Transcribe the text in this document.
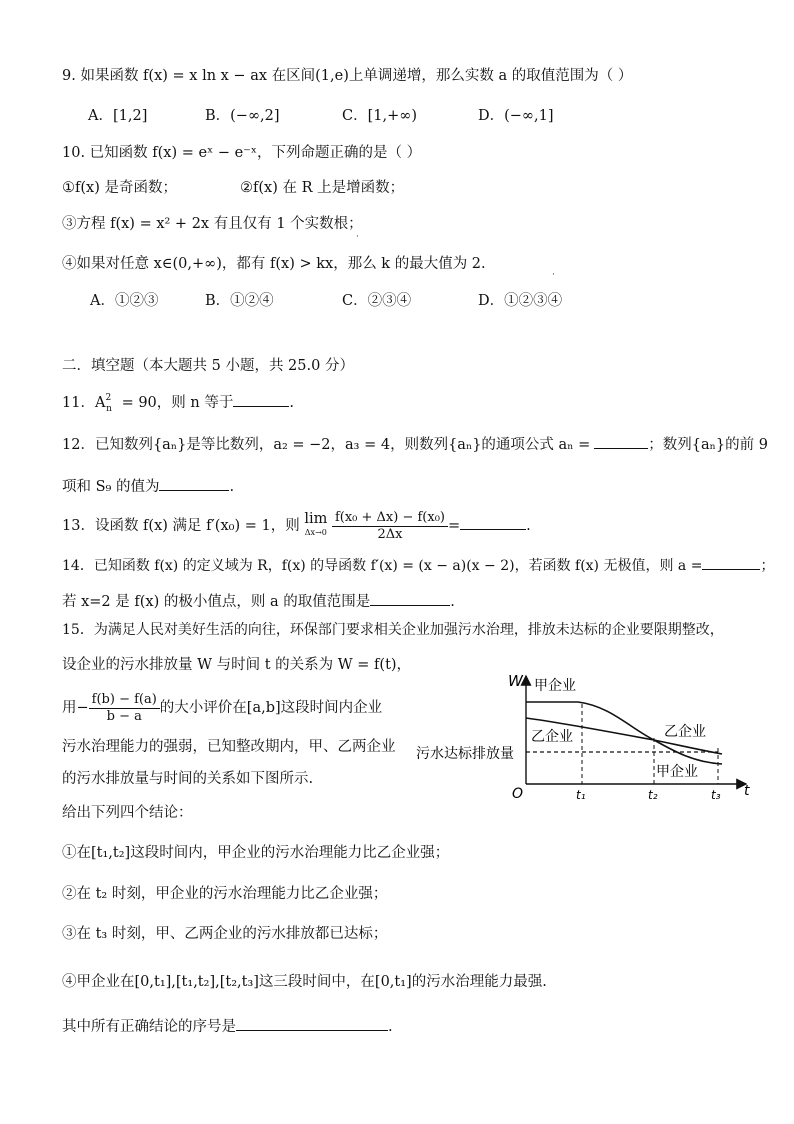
9. 如果函数 f(x) = x ln x − ax 在区间(1,e)上单调递增，那么实数 a 的取值范围为（ ）
A．[1,2]	B．(−∞,2]	C．[1,+∞)	D．(−∞,1]
10. 已知函数 f(x) = eˣ − e⁻ˣ，下列命题正确的是（ ）
①f(x) 是奇函数；	②f(x) 在 R 上是增函数；
③方程 f(x) = x² + 2x 有且仅有 1 个实数根；
·
④如果对任意 x∈(0,+∞)，都有 f(x) > kx，那么 k 的最大值为 2.
·
A．①②③	B．①②④	C．②③④	D．①②③④
二．填空题（本大题共 5 小题，共 25.0 分）
11．$A^2_n = 90$，则 n 等于	.
12．已知数列{aₙ}是等比数列，a₂ = −2，a₃ = 4，则数列{aₙ}的通项公式 aₙ =	；数列{aₙ}的前 9
项和 S₉ 的值为	.
13．设函数 f(x) 满足 f′(x₀) = 1，则 lim
Δx→0
$\frac{\text{f(x₀ + Δx) − f(x₀)}}{2\Delta x}$ =	.
14．已知函数 f(x) 的定义域为 R，f(x) 的导函数 f′(x) = (x − a)(x − 2)，若函数 f(x) 无极值，则 a =	；
若 x=2 是 f(x) 的极小值点，则 a 的取值范围是	.
15．为满足人民对美好生活的向往，环保部门要求相关企业加强污水治理，排放未达标的企业要限期整改，
设企业的污水排放量 W 与时间 t 的关系为 W = f(t)，
用− $\frac{f(b) - f(a)}{b - a}$ 的大小评价在[a,b]这段时间内企业
污水治理能力的强弱，已知整改期内，甲、乙两企业
的污水排放量与时间的关系如下图所示.
给出下列四个结论：
W
t
O
污水达标排放量
甲企业
乙企业	乙企业
甲企业
t₁	t₂	t₃
①在[t₁,t₂]这段时间内，甲企业的污水治理能力比乙企业强；
②在 t₂ 时刻，甲企业的污水治理能力比乙企业强；
③在 t₃ 时刻，甲、乙两企业的污水排放都已达标；
④甲企业在[0,t₁],[t₁,t₂],[t₂,t₃]这三段时间中，在[0,t₁]的污水治理能力最强.
其中所有正确结论的序号是	.
